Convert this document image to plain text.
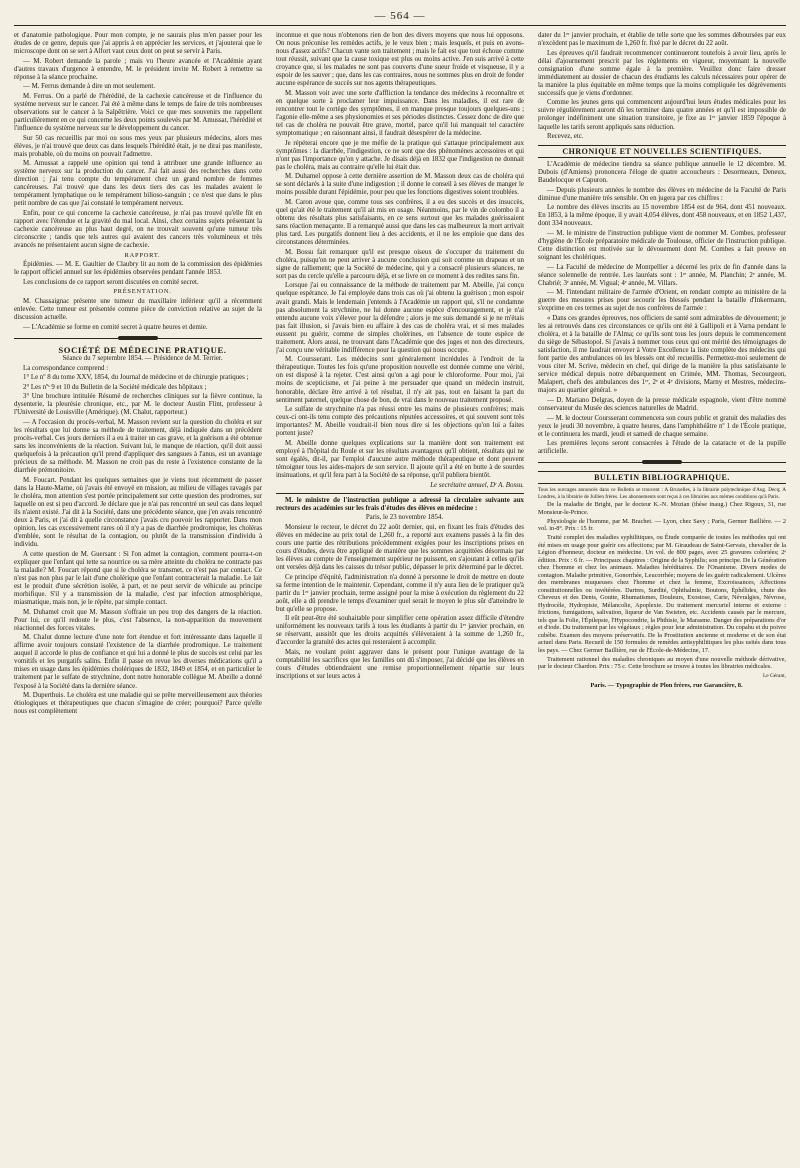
— 564 —

et d'anatomie pathologique. Pour mon compte, je ne saurais plus m'en passer pour les études de ce genre, depuis que j'ai appris à en apprécier les services, et j'ajouterai que le microscope dont on se sert à Alfort vaut ceux dont on peut se servir à Paris.

— M. Robert demande la parole ; mais vu l'heure avancée et l'Académie ayant d'autres travaux d'urgence à entendre, M. le président invite M. Robert à remettre sa réponse à la séance prochaine.

— M. Ferrus demande à dire un mot seulement.

M. Ferrus. On a parlé de l'hérédité, de la cachexie cancéreuse et de l'influence du système nerveux sur le cancer. J'ai été à même dans le temps de faire de très nombreuses observations sur le cancer à la Salpêtrière. Voici ce que mes souvenirs me rappellent particulièrement en ce qui concerne les deux points soulevés par M. Amussat, l'hérédité et l'influence du système nerveux sur le développement du cancer.

Sur 50 cas recueillis par moi ou sous mes yeux par plusieurs médecins, alors mes élèves, je n'ai trouvé que deux cas dans lesquels l'hérédité était, je ne dirai pas manifeste, mais probable, où du moins on pouvait l'admettre.

M. Amussat a rappelé une opinion qui tend à attribuer une grande influence au système nerveux sur la production du cancer. J'ai fait aussi des recherches dans cette direction ; j'ai tenu compte du tempérament chez un grand nombre de femmes cancéreuses. J'ai trouvé que dans les deux tiers des cas les malades avaient le tempérament lymphatique ou le tempérament bilioso-sanguin ; ce n'est que dans le plus petit nombre de cas que j'ai constaté le tempérament nerveux.

Enfin, pour ce qui concerne la cachexie cancéreuse, je n'ai pas trouvé qu'elle fût en rapport avec l'étendue et la gravité du mal local. Ainsi, chez certains sujets présentant la cachexie cancéreuse au plus haut degré, on ne trouvait souvent qu'une tumeur très circonscrite ; tandis que tels autres qui avaient des cancers très volumineux et très avancés ne présentaient aucun signe de cachexie.

RAPPORT.

Épidémies. — M. E. Gaultier de Claubry lit au nom de la commission des épidémies le rapport officiel annuel sur les épidémies observées pendant l'année 1853.

Les conclusions de ce rapport seront discutées en comité secret.

PRÉSENTATION.

M. Chassaignac présente une tumeur du maxillaire inférieur qu'il a récemment enlevée. Cette tumeur est présentée comme pièce de conviction relative au sujet de la discussion actuelle.

— L'Académie se forme en comité secret à quatre heures et demie.

SOCIÉTÉ DE MÉDECINE PRATIQUE.

Séance du 7 septembre 1854. — Présidence de M. Terrier.

La correspondance comprend :

1° Le nº 8 du tome XXV, 1854, du Journal de médecine et de chirurgie pratiques ;

2° Les nºˢ 9 et 10 du Bulletin de la Société médicale des hôpitaux ;

3° Une brochure intitulée Résumé de recherches cliniques sur la fièvre continue, la dysenterie, la pleurésie chronique, etc., par M. le docteur Austin Flint, professeur à l'Université de Louisville (Amérique). (M. Chalut, rapporteur.)

— A l'occasion du procès-verbal, M. Masson revient sur la question du choléra et sur les résultats que lui donne sa méthode de traitement, déjà indiquée dans un précédent procès-verbal. Ces jours derniers il a eu à traiter un cas grave, et la guérison a été obtenue sans les inconvénients de la réaction. Suivant lui, le manque de réaction, qu'il doit aussi quelquefois à la précaution qu'il prend d'appliquer des sangsues à l'anus, est un avantage précieux de sa méthode. M. Masson ne croit pas du reste à l'existence constante de la diarrhée prémonitoire.

M. Foucart. Pendant les quelques semaines que je viens tout récemment de passer dans la Haute-Marne, où j'avais été envoyé en mission, au milieu de villages ravagés par le choléra, mon attention s'est portée principalement sur cette question des prodromes, sur laquelle on est si peu d'accord. Je déclare que je n'ai pas rencontré un seul cas dans lequel ils n'aient existé. J'ai dit à la Société, dans une précédente séance, que j'en avais rencontré deux à Paris, et j'ai dit à quelle circonstance j'avais cru pouvoir les rapporter. Dans mon opinion, les cas excessivement rares où il n'y a pas de diarrhée prodromique, les choléras d'emblée, sont le résultat de la contagion, ou plutôt de la transmission d'individu à individu.

A cette question de M. Guersant : Si l'on admet la contagion, comment pourra-t-on expliquer que l'enfant qui tette sa nourrice ou sa mère atteinte du choléra ne contracte pas la maladie? M. Foucart répond que si le choléra se transmet, ce n'est pas par contact. Ce n'est pas non plus par le lait d'une cholérique que l'enfant contracterait la maladie. Le lait est le produit d'une sécrétion isolée, à part, et ne peut servir de véhicule au principe morbifique. S'il y a transmission de la maladie, c'est par infection atmosphérique, miasmatique, mais non, je le répète, par simple contact.

M. Duhamel croit que M. Masson s'offraie un peu trop des dangers de la réaction. Pour lui, ce qu'il redoute le plus, c'est l'absence, la non-apparition du mouvement réactionnel des forces vitales.

M. Chalut donne lecture d'une note fort étendue et fort intéressante dans laquelle il affirme avoir toujours constaté l'existence de la diarrhée prodromique. Le traitement auquel il accorde le plus de confiance et qui lui a donné le plus de succès est celui par les vomitifs et les purgatifs salins. Enfin il passe en revue les diverses médications qu'il a mises en usage dans les épidémies cholériques de 1832, 1849 et 1854, et en particulier le traitement par le sulfate de strychnine, dont notre honorable collègue M. Abeille a donné l'exposé à la Société dans la dernière séance.

M. Duperthuis. Le choléra est une maladie qui se prête merveilleusement aux théories étiologiques et thérapeutiques que chacun s'imagine de créer; pourquoi? Parce qu'elle nous est complètement

inconnue et que nous n'obtenons rien de bon des divers moyens que nous lui opposons. On nous préconise les remèdes actifs, je le veux bien ; mais lesquels, et puis en avons-nous d'assez actifs? Chacun vante son traitement ; mais le fait est que tout échoue comme tout réussit, suivant que la cause toxique est plus ou moins active. J'en suis arrivé à cette croyance que, si les malades ne sont pas couverts d'une sueur froide et visqueuse, il y a espoir de les sauver ; que, dans les cas contraires, nous ne sommes plus en droit de fonder aucune espérance de succès sur nos agents thérapeutiques.

M. Masson voit avec une sorte d'affliction la tendance des médecins à reconnaître et en quelque sorte à proclamer leur impuissance. Dans les maladies, il est rare de rencontrer tout le cortège des symptômes, il en manque presque toujours quelques-uns ; l'agonie elle-même a ses physionomies et ses périodes distinctes. Cessez donc de dire que tel cas de choléra ne pouvait être grave, mortel, parce qu'il lui manquait tel caractère symptomatique ; en raisonnant ainsi, il faudrait désespérer de la médecine.

Je répéterai encore que je me méfie de la pratique qui s'attaque principalement aux symptômes : la diarrhée, l'indigestion, ce ne sont que des phénomènes accessoires et qui n'ont pas l'importance qu'on y attache. Je disais déjà en 1832 que l'indigestion ne donnait pas le choléra, mais au contraire qu'elle lui était due.

M. Duhamel oppose à cette dernière assertion de M. Masson deux cas de choléra qui se sont déclarés à la suite d'une indigestion ; il donne le conseil à ses élèves de manger le moins possible durant l'épidémie, pour peu que les fonctions digestives soient troublées.

M. Caron avoue que, comme tous ses confrères, il a eu des succès et des insuccès, quel qu'ait été le traitement qu'il ait mis en usage. Néanmoins, par le vin de colombo il a obtenu des résultats plus satisfaisants, en ce sens surtout que les malades guérissaient sans réaction menaçante. Il a remarqué aussi que dans les cas malheureux la mort arrivait plus tard. Les purgatifs donnent lieu à des accidents, et il ne les emploie que dans des circonstances déterminées.

M. Bossu fait remarquer qu'il est presque oiseux de s'occuper du traitement du choléra, puisqu'on ne peut arriver à aucune conclusion qui soit comme un drapeau et un signe de ralliement; que la Société de médecine, qui y a consacré plusieurs séances, ne sort pas du cercle qu'elle a parcouru déjà, et se livre en ce moment à des redites sans fin.

Lorsque j'ai eu connaissance de la méthode de traitement par M. Abeille, j'ai conçu quelque espérance. Je l'ai employée dans trois cas où j'ai obtenu la guérison ; mon espoir avait grandi. Mais le lendemain j'entends à l'Académie un rapport qui, s'il ne condamne pas absolument la strychnine, ne lui donne aucune espèce d'encouragement, et je n'ai entendu aucune voix s'élever pour la défendre ; alors je me suis demandé si je ne m'étais pas fait illusion, si j'avais bien eu affaire à des cas de choléra vrai, et si mes malades eussent pu guérir, comme de simples cholérines, en l'absence de toute espèce de traitement. Alors aussi, ne trouvant dans l'Académie que des juges et non des directeurs, j'ai conçu une véritable indifférence pour la question qui nous occupe.

M. Coursserant. Les médecins sont généralement incrédules à l'endroit de la thérapeutique. Toutes les fois qu'une proposition nouvelle est donnée comme une vérité, on est disposé à la rejeter. C'est ainsi qu'on a agi pour le chloroforme. Pour moi, j'ai moins de scepticisme, et j'ai peine à me persuader que quand un médecin instruit, honorable, déclare être arrivé à tel résultat, il n'y ait pas, tout en faisant la part du sentiment paternel, quelque chose de bon, de vrai dans le nouveau traitement proposé.

Le sulfate de strychnine n'a pas réussi entre les mains de plusieurs confrères; mais ceux-ci ont-ils tenu compte des précautions réputées accessoires, et qui souvent sont très importantes? M. Abeille voudrait-il bien nous dire si les objections qu'on lui a faites portent juste?

M. Abeille donne quelques explications sur la manière dont son traitement est employé à l'hôpital du Roule et sur les résultats avantageux qu'il obtient, résultats qui ne sont égalés, dit-il, par l'emploi d'aucune autre méthode thérapeutique et dont peuvent témoigner tous les aides-majors de son service. Il ajoute qu'il a été en butte à de sourdes insinuations, et qu'il fera part à la Société de sa réponse, qu'il publiera bientôt.

Le secrétaire annuel, Dʳ A. Bossu.

M. le ministre de l'instruction publique a adressé la circulaire suivante aux recteurs des académies sur les frais d'études des élèves en médecine :

Paris, le 23 novembre 1854.

Monsieur le recteur, le décret du 22 août dernier, qui, en fixant les frais d'études des élèves en médecine au prix total de 1,260 fr., a reporté aux examens passés à la fin des cours une partie des rétributions précédemment exigées pour les inscriptions prises en cours d'études, devra être appliqué de manière que les sommes acquittées désormais par les élèves au compte de l'enseignement supérieur ne puissent, en s'ajoutant à celles qu'ils ont versées déjà dans les caisses du trésor public, dépasser le prix déterminé par le décret.

Ce principe d'équité, l'administration n'a donné à personne le droit de mettre en doute sa ferme intention de le maintenir. Cependant, comme il n'y aura lieu de le pratiquer qu'à partir du 1ᵉʳ janvier prochain, terme assigné pour la mise à exécution du règlement du 22 août, elle a dû prendre le temps d'examiner quel serait le moyen le plus sûr d'atteindre le but qu'elle se propose.

Il eût peut-être été souhaitable pour simplifier cette opération assez difficile d'étendre uniformément les nouveaux tarifs à tous les étudiants à partir du 1ᵉʳ janvier prochain, en se réservant, aussitôt que les droits acquittés s'élèveraient à la somme de 1,260 fr., d'accorder la gratuité des actes qui resteraient à accomplir.

Mais, ne voulant point aggraver dans le présent pour l'unique avantage de la comptabilité les sacrifices que les familles ont dû s'imposer, j'ai décidé que les élèves en cours d'études obtiendraient une remise proportionnellement répartie sur leurs inscriptions et sur leurs actes à

dater du 1ᵉʳ janvier prochain, et établie de telle sorte que les sommes déboursées par eux n'excèdent pas le maximum de 1,260 fr. fixé par le décret du 22 août.

Les épreuves qu'il faudrait recommencer continueront toutefois à avoir lieu, après le délai d'ajournement prescrit par les règlements en vigueur, moyennant la nouvelle consignation d'une somme égale à la première. Veuillez donc faire dresser immédiatement au dossier de chacun des étudiants les calculs nécessaires pour opérer de la manière la plus équitable en même temps que la moins compliquée les dégrèvements successifs que je viens d'ordonner.

Comme les jeunes gens qui commencent aujourd'hui leurs études médicales pour les suivre régulièrement auront dû les terminer dans quatre années et qu'il est impossible de prolonger indéfiniment une situation transitoire, je fixe au 1ᵉʳ janvier 1859 l'époque à laquelle les tarifs seront appliqués sans réduction.

Recevez, etc.

CHRONIQUE ET NOUVELLES SCIENTIFIQUES.

L'Académie de médecine tiendra sa séance publique annuelle le 12 décembre. M. Dubois (d'Amiens) prononcera l'éloge de quatre accoucheurs : Desormeaux, Deneux, Baudelocque et Capuron.

— Depuis plusieurs années le nombre des élèves en médecine de la Faculté de Paris diminue d'une manière très sensible. On en jugera par ces chiffres :

Le nombre des élèves inscrits au 15 novembre 1854 est de 964, dont 451 nouveaux. En 1853, à la même époque, il y avait 4,054 élèves, dont 458 nouveaux, et en 1852 1,437, dont 334 nouveaux.

— M. le ministre de l'instruction publique vient de nommer M. Combes, professeur d'hygiène de l'École préparatoire médicale de Toulouse, officier de l'instruction publique. Cette distinction est motivée sur le dévouement dont M. Combes a fait preuve en soignant les cholériques.

— La Faculté de médecine de Montpellier a décerné les prix de fin d'année dans la séance solennelle de rentrée. Les lauréats sont : 1ʳᵉ année, M. Planchin; 2ᵉ année, M. Chabrié; 3ᵉ année, M. Vigual; 4ᵉ année, M. Villars.

— M. l'intendant militaire de l'armée d'Orient, en rendant compte au ministère de la guerre des mesures prises pour secourir les blessés pendant la bataille d'Inkermann, s'exprime en ces termes au sujet de nos confrères de l'armée :

« Dans ces grandes épreuves, nos officiers de santé sont admirables de dévouement; je les ai retrouvés dans ces circonstances ce qu'ils ont été à Gallipoli et à Varna pendant le choléra, et à la bataille de l'Alma; ce qu'ils sont tous les jours depuis le commencement du siège de Sébastopol. Si j'avais à nommer tous ceux qui ont mérité des témoignages de satisfaction, il me faudrait envoyer à Votre Excellence la liste complète des médecins qui font partie des ambulances où les blessés ont été recueillis. Permettez-moi seulement de vous citer M. Scrive, médecin en chef, qui dirige de la manière la plus satisfaisante le service médical depuis notre débarquement en Crimée, MM. Thomas, Secourgeon, Malapert, chefs des ambulances des 1ʳᵉ, 2ᵉ et 4ᵉ divisions, Marny et Mestres, médecins-majors au quartier général. »

— D. Mariano Delgras, doyen de la presse médicale espagnole, vient d'être nommé conservateur du Musée des sciences naturelles de Madrid.

— M. le docteur Coursserant commencera son cours public et gratuit des maladies des yeux le jeudi 30 novembre, à quatre heures, dans l'amphithéâtre nº 1 de l'École pratique, et le continuera les mardi, jeudi et samedi de chaque semaine.

Les premières leçons seront consacrées à l'étude de la cataracte et de la pupille artificielle.

BULLETIN BIBLIOGRAPHIQUE.

Tous les ouvrages annoncés dans ce Bulletin se trouvent : A Bruxelles, à la librairie polytechnique d'Aug. Decq; A Londres, à la librairie de Jullien frères. Les abonnements sont reçus à ces librairies aux mêmes conditions qu'à Paris.

De la maladie de Bright, par le docteur K.-N. Mozian (thèse inaug.) Chez Rigoux, 31, rue Monsieur-le-Prince.

Physiologie de l'homme, par M. Brachet. — Lyon, chez Savy ; Paris, Germer Baillière. — 2 vol. in-8°. Prix : 15 fr.

Traité complet des maladies syphilitiques, ou Étude comparée de toutes les méthodes qui ont été mises en usage pour guérir ces affections; par M. Giraudeau de Saint-Gervais, chevalier de la Légion d'honneur, docteur en médecine. Un vol. de 800 pages, avec 25 gravures coloriées; 2ᵉ édition. Prix : 6 fr. — Principaux chapitres : Origine de la Syphilis; son principe. De la Génération chez l'homme et chez les animaux. Maladies héréditaires. De l'Onanisme. Divers modes de contagion. Maladie primitive, Gonorrhée, Leucorrhée; moyens de les guérir radicalement. Ulcères des membranes muqueuses chez l'homme et chez la femme, Excroissances, Affections constitutionnelles ou invétérées. Dartres, Surdité, Ophthalmie, Boutons, Éphélides, chute des Cheveux et des Dents, Goutte, Rhumatismes, Douleurs, Exostose, Carie, Névralgies, Névrose, Hydrocèle, Hydropisie, Mélancolie, Apoplexie. Du traitement mercuriel interne et externe : frictions, fumigations, salivation, liqueur de Van Swieten, etc. Accidents causés par le mercure, tels que la Folie, l'Épilepsie, l'Hypocondrie, la Phthisie, le Marasme. Danger des préparations d'or et d'iode. Du traitement par les végétaux ; règles pour leur administration. Du copahu et du poivre cubèbe. Examen des moyens préservatifs. De la Prostitution ancienne et moderne et de son état actuel dans Paris. Recueil de 150 formules de remèdes antisyphilitiques les plus usités dans tous les pays. — Chez Germer Baillière, rue de l'École-de-Médecine, 17.

Traitement rationnel des maladies chroniques au moyen d'une nouvelle méthode dérivative, par le docteur Chardon. Prix : 75 c. Cette brochure se trouve à toutes les librairies médicales.

Le Gérant,

Paris. — Typographie de Plon frères, rue Garancière, 8.
